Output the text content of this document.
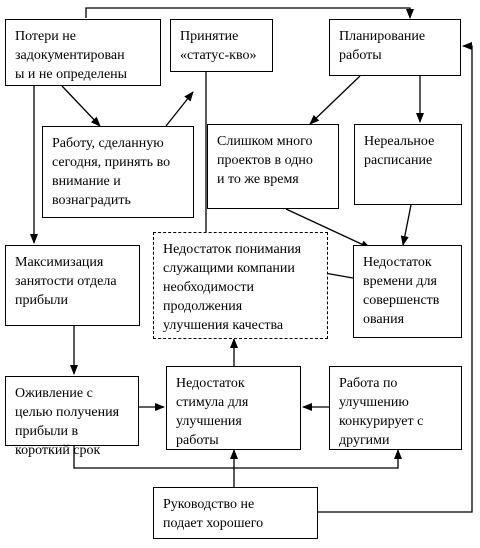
Потери не
задокументирован
ы и не определены
Принятие
«статус-кво»
Планирование
работы
Работу, сделанную
сегодня, принять во
внимание и
вознаградить
Слишком много
проектов в одно
и то же время
Нереальное
расписание
Максимизация
занятости отдела
прибыли
Недостаток понимания
служащими компании
необходимости
продолжения
улучшения качества
Недостаток
времени для
совершенств
ования
Оживление с
целью получения
прибыли в
короткий срок
Недостаток
стимула для
улучшения
работы
Работа по
улучшению
конкурирует с
другими
Руководство не
подает хорошего
